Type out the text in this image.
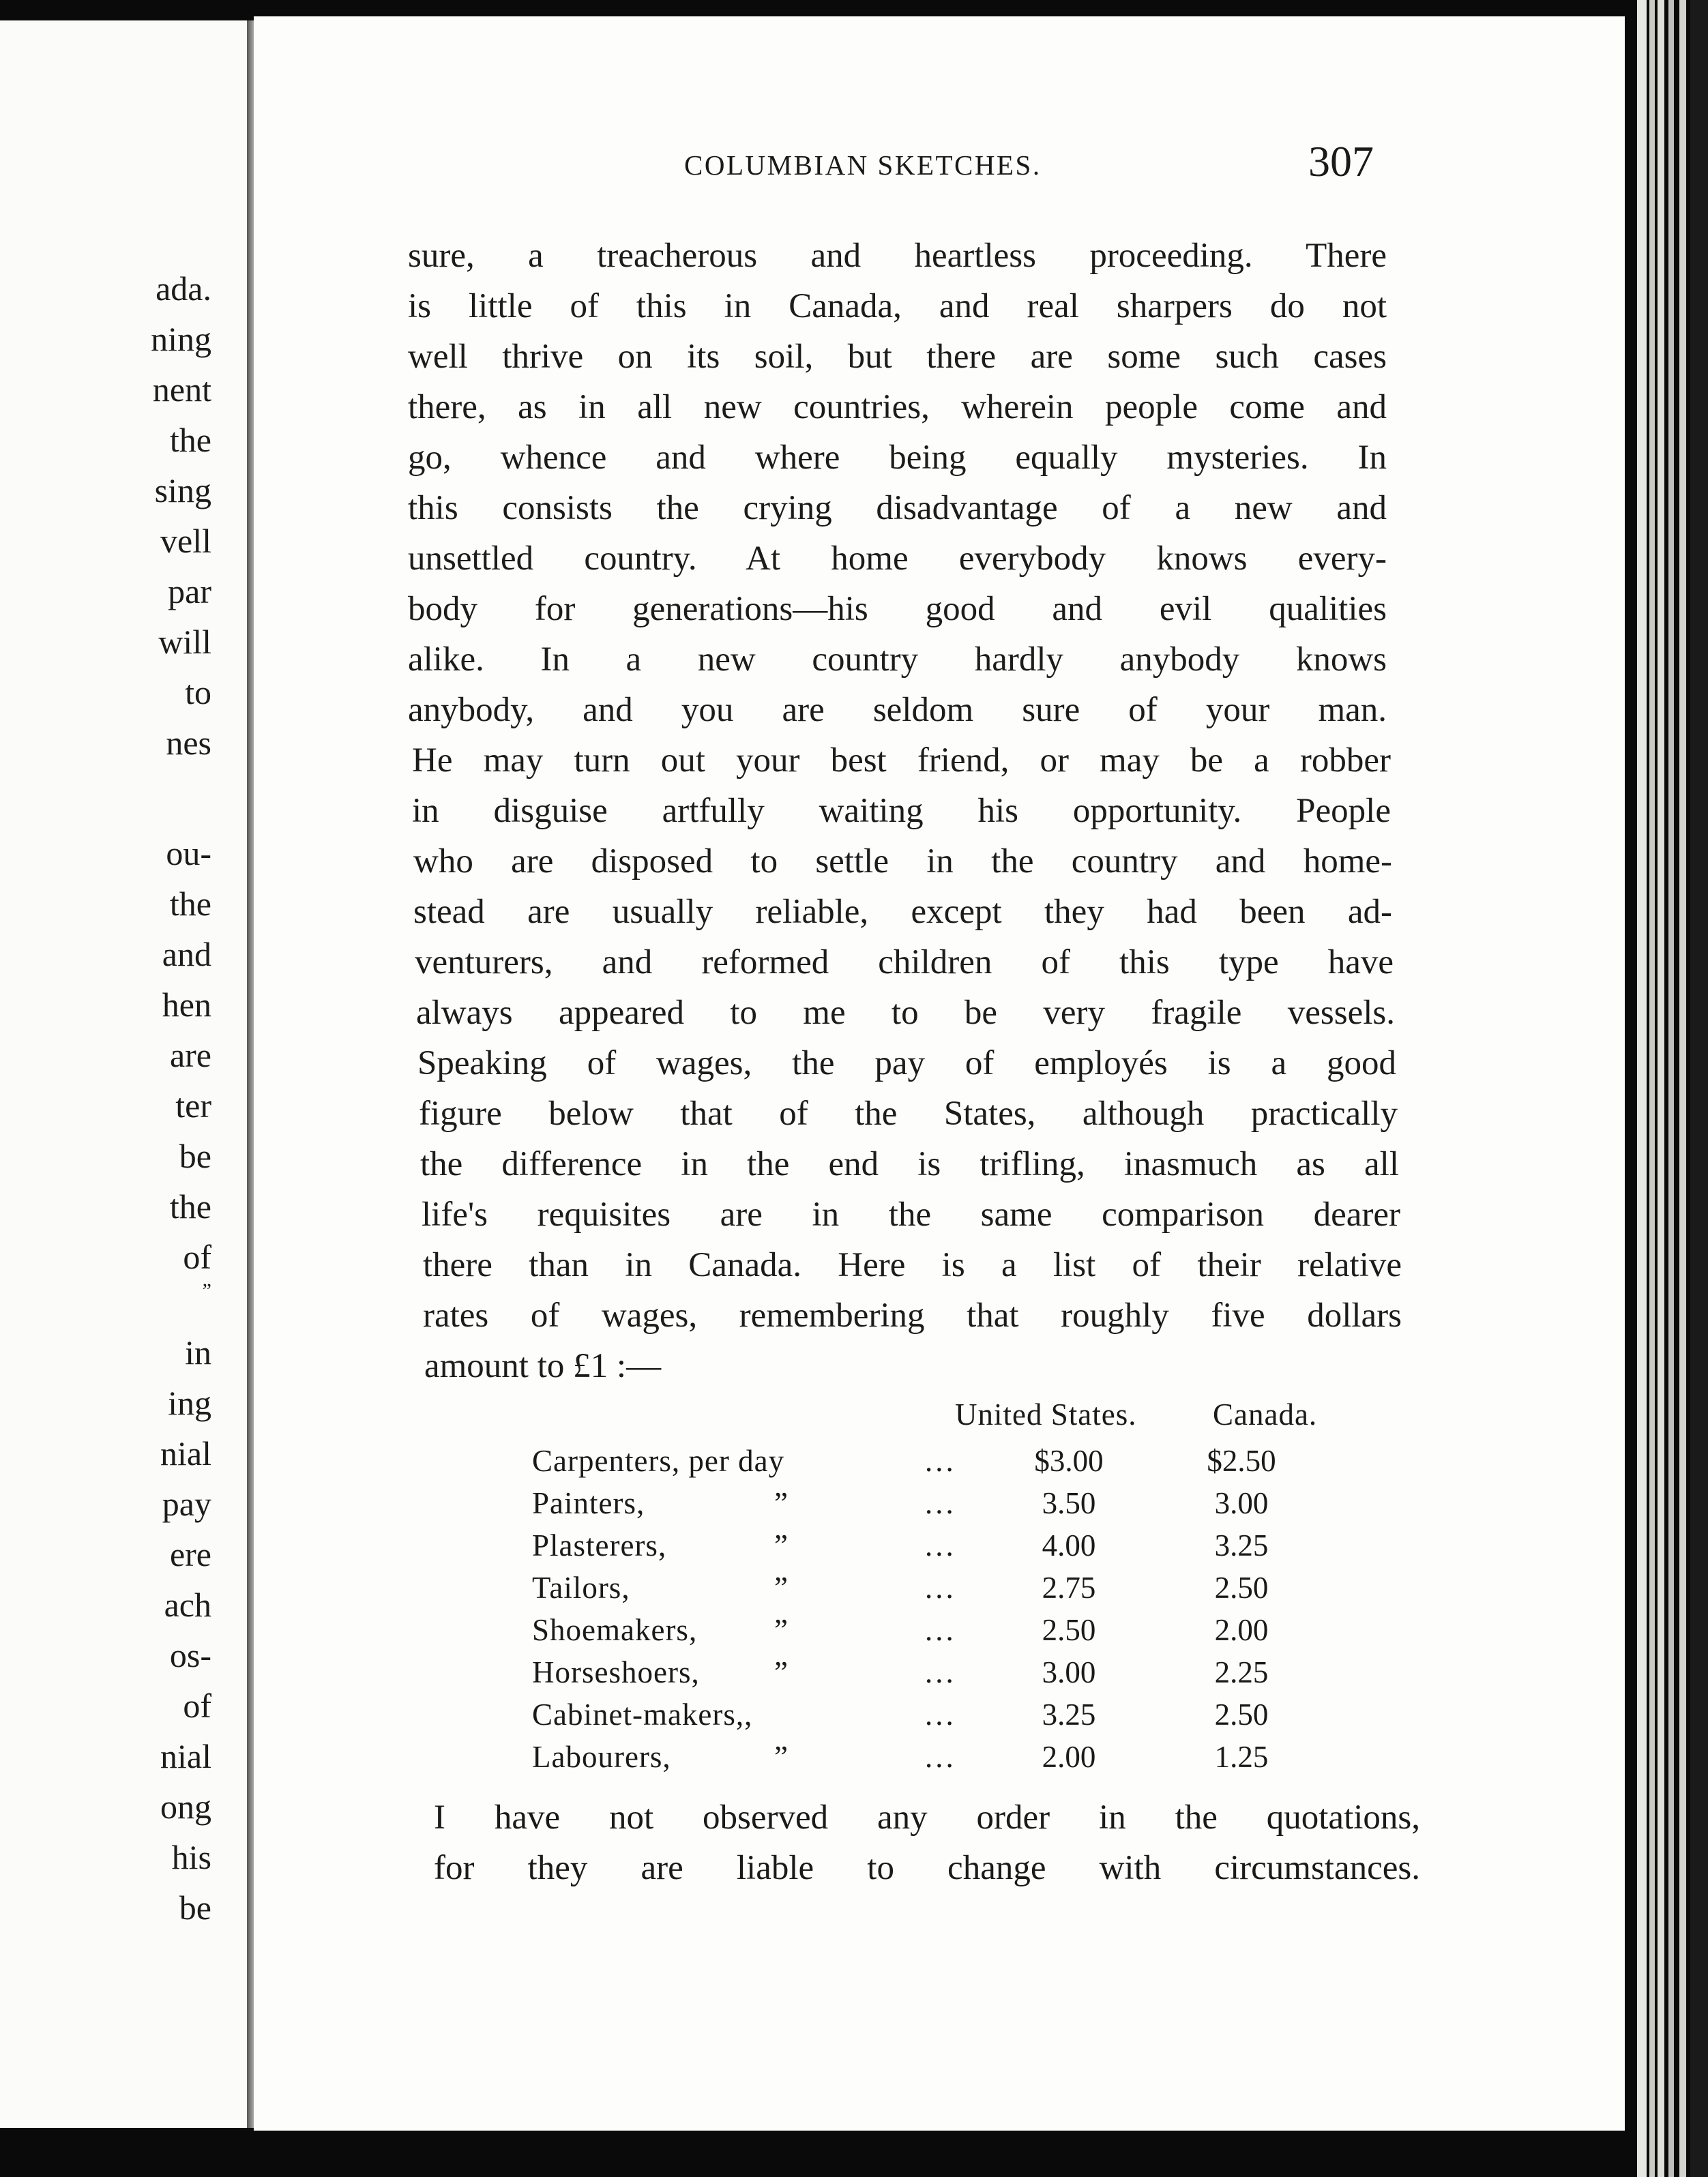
ada.
ning
nent
the
sing
vell
par
will
to
nes
ou-
the
and
hen
are
ter
be
the
of
”
in
ing
nial
pay
ere
ach
os-
of
nial
ong
his
be
COLUMBIAN SKETCHES.	307
sure, a treacherous and heartless proceeding. There
is little of this in Canada, and real sharpers do not
well thrive on its soil, but there are some such cases
there, as in all new countries, wherein people come and
go, whence and where being equally mysteries. In
this consists the crying disadvantage of a new and
unsettled country. At home everybody knows every-
body for generations—his good and evil qualities
alike. In a new country hardly anybody knows
anybody, and you are seldom sure of your man.
He may turn out your best friend, or may be a robber
in disguise artfully waiting his opportunity. People
who are disposed to settle in the country and home-
stead are usually reliable, except they had been ad-
venturers, and reformed children of this type have
always appeared to me to be very fragile vessels.
Speaking of wages, the pay of employés is a good
figure below that of the States, although practically
the difference in the end is trifling, inasmuch as all
life's requisites are in the same comparison dearer
there than in Canada. Here is a list of their relative
rates of wages, remembering that roughly five dollars
amount to £1 :—
United States. Canada.
Carpenters, per day	...	$3.00	$2.50
Painters,	”	...	3.50	3.00
Plasterers,	”	...	4.00	3.25
Tailors,	”	...	2.75	2.50
Shoemakers,	”	...	2.50	2.00
Horseshoers, ”	...	3.00	2.25
Cabinet-makers,,	...	3.25	2.50
Labourers,	”	...	2.00	1.25
I have not observed any order in the quotations,
for they are liable to change with circumstances.
